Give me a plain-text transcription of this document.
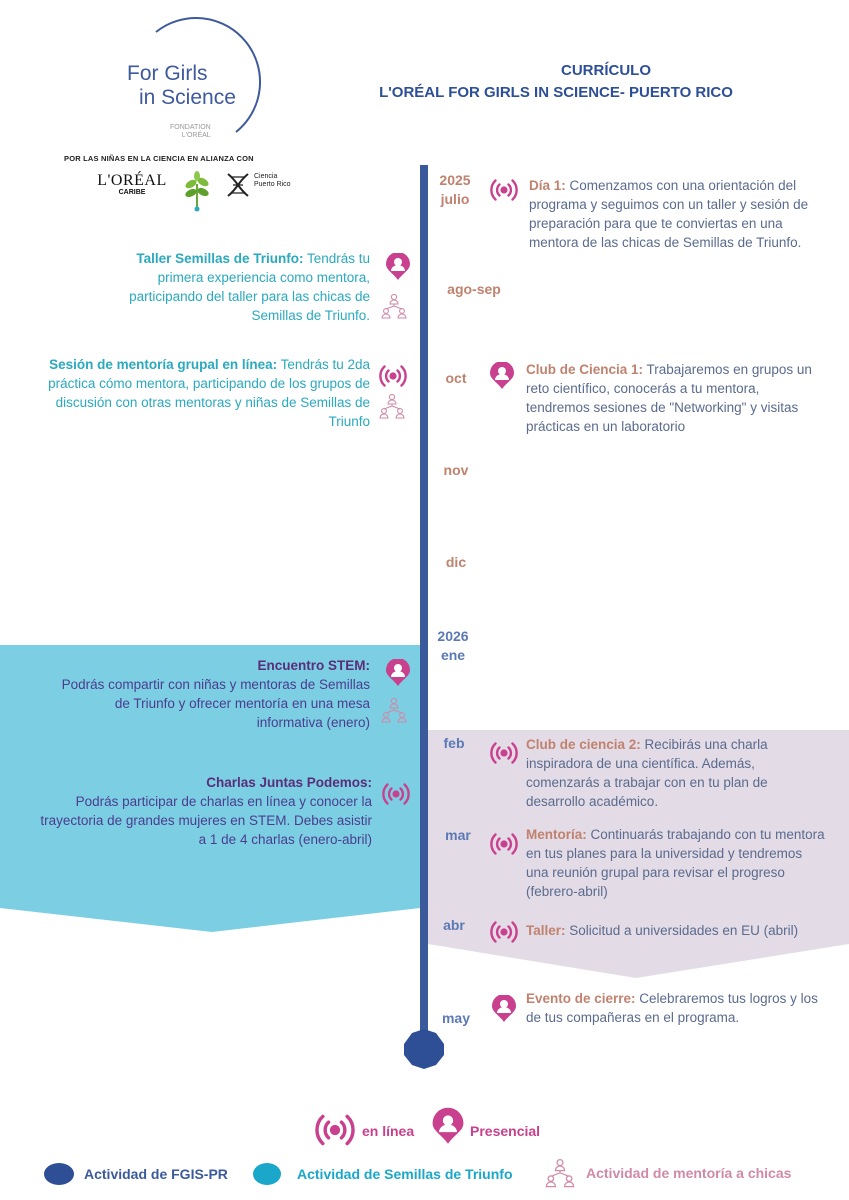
For Girls
in Science
FONDATION
L'ORÉAL
POR LAS NIÑAS EN LA CIENCIA EN ALIANZA CON
L'ORÉAL
CARIBE
Ciencia
Puerto Rico
CURRÍCULO
L'ORÉAL FOR GIRLS IN SCIENCE- PUERTO RICO
2025
julio
ago-sep
oct
nov
dic
2026
ene
feb
mar
abr
may
Día 1: Comenzamos con una orientación del programa y seguimos con un taller y sesión de preparación para que te conviertas en una mentora de las chicas de Semillas de Triunfo.
Club de Ciencia 1: Trabajaremos en grupos un reto científico, conocerás a tu mentora, tendremos sesiones de "Networking" y visitas prácticas en un laboratorio
Club de ciencia 2: Recibirás una charla inspiradora de una científica. Además, comenzarás a trabajar con en tu plan de desarrollo académico.
Mentoría: Continuarás trabajando con tu mentora en tus planes para la universidad y tendremos una reunión grupal para revisar el progreso (febrero-abril)
Taller: Solicitud a universidades en EU (abril)
Evento de cierre: Celebraremos tus logros y los de tus compañeras en el programa.
Taller Semillas de Triunfo: Tendrás tu primera experiencia como mentora, participando del taller para las chicas de Semillas de Triunfo.
Sesión de mentoría grupal en línea: Tendrás tu 2da práctica cómo mentora, participando de los grupos de discusión con otras mentoras y niñas de Semillas de Triunfo
Encuentro STEM:
Podrás compartir con niñas y mentoras de Semillas de Triunfo y ofrecer mentoría en una mesa informativa (enero)
Charlas Juntas Podemos:
Podrás participar de charlas en línea y conocer la trayectoria de grandes mujeres en STEM. Debes asistir a 1 de 4 charlas (enero-abril)
en línea	Presencial
Actividad de FGIS-PR	Actividad de Semillas de Triunfo	Actividad de mentoría a chicas
